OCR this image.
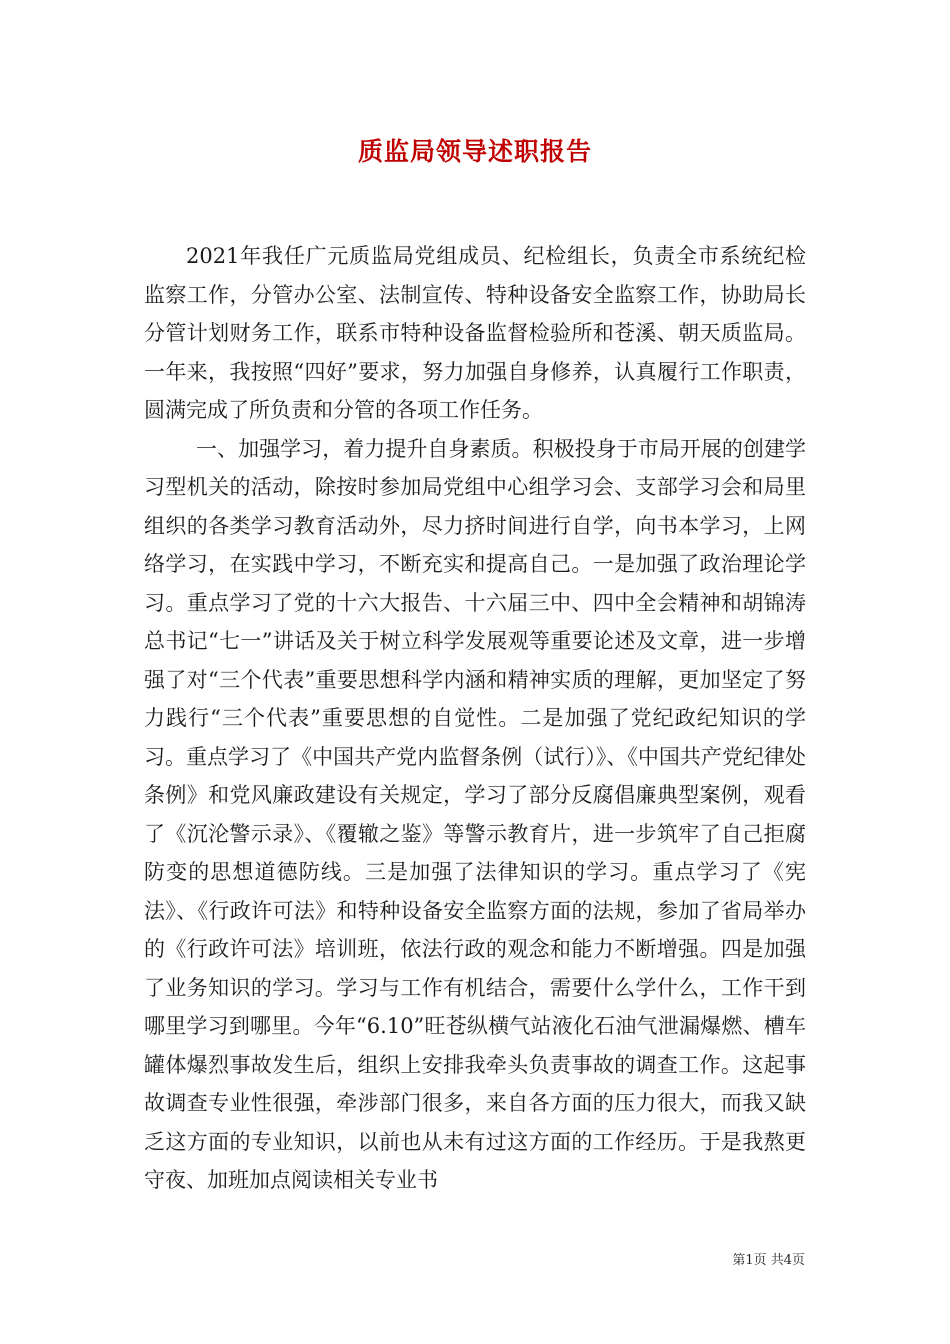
质监局领导述职报告

2021年我任广元质监局党组成员、纪检组长，负责全市系统纪检监察工作，分管办公室、法制宣传、特种设备安全监察工作，协助局长分管计划财务工作，联系市特种设备监督检验所和苍溪、朝天质监局。一年来，我按照“四好”要求，努力加强自身修养，认真履行工作职责，圆满完成了所负责和分管的各项工作任务。

一、加强学习，着力提升自身素质。积极投身于市局开展的创建学习型机关的活动，除按时参加局党组中心组学习会、支部学习会和局里组织的各类学习教育活动外，尽力挤时间进行自学，向书本学习，上网络学习，在实践中学习，不断充实和提高自己。一是加强了政治理论学习。重点学习了党的十六大报告、十六届三中、四中全会精神和胡锦涛总书记“七一”讲话及关于树立科学发展观等重要论述及文章，进一步增强了对“三个代表”重要思想科学内涵和精神实质的理解，更加坚定了努力践行“三个代表”重要思想的自觉性。二是加强了党纪政纪知识的学习。重点学习了《中国共产党内监督条例（试行）》、《中国共产党纪律处条例》和党风廉政建设有关规定，学习了部分反腐倡廉典型案例，观看了《沉沦警示录》、《覆辙之鉴》等警示教育片，进一步筑牢了自己拒腐防变的思想道德防线。三是加强了法律知识的学习。重点学习了《宪法》、《行政许可法》和特种设备安全监察方面的法规，参加了省局举办的《行政许可法》培训班，依法行政的观念和能力不断增强。四是加强了业务知识的学习。学习与工作有机结合，需要什么学什么，工作干到哪里学习到哪里。今年“6.10”旺苍纵横气站液化石油气泄漏爆燃、槽车罐体爆烈事故发生后，组织上安排我牵头负责事故的调查工作。这起事故调查专业性很强，牵涉部门很多，来自各方面的压力很大，而我又缺乏这方面的专业知识，以前也从未有过这方面的工作经历。于是我熬更守夜、加班加点阅读相关专业书

第1页 共4页
